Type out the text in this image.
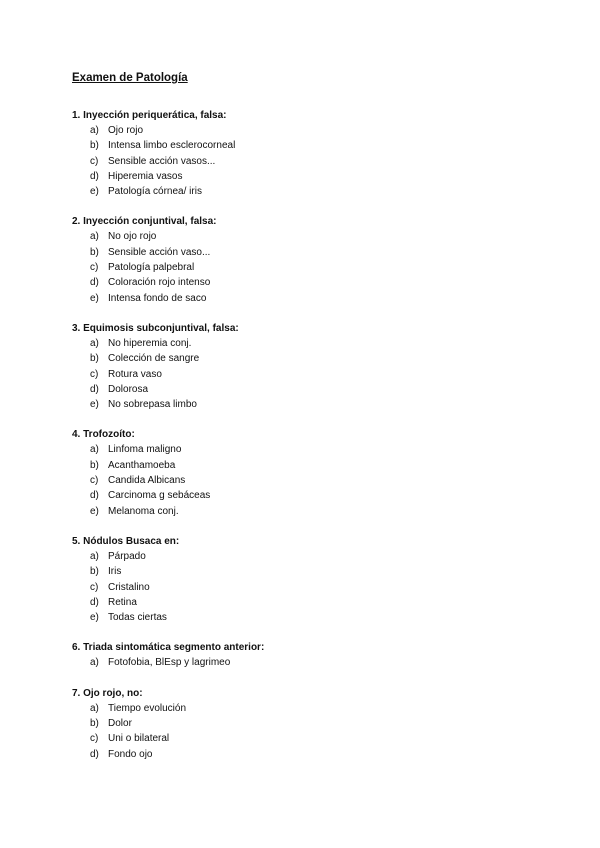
Examen de Patología
1. Inyección periquerática, falsa:
a) Ojo rojo
b) Intensa limbo esclerocorneal
c) Sensible acción vasos...
d) Hiperemia vasos
e) Patología córnea/ iris
2. Inyección conjuntival, falsa:
a) No ojo rojo
b) Sensible acción vaso...
c) Patología palpebral
d) Coloración rojo intenso
e) Intensa fondo de saco
3. Equimosis subconjuntival, falsa:
a) No hiperemia conj.
b) Colección de sangre
c) Rotura vaso
d) Dolorosa
e) No sobrepasa limbo
4. Trofozoíto:
a) Linfoma maligno
b) Acanthamoeba
c) Candida Albicans
d) Carcinoma g sebáceas
e) Melanoma conj.
5. Nódulos Busaca en:
a) Párpado
b) Iris
c) Cristalino
d) Retina
e) Todas ciertas
6. Triada sintomática segmento anterior:
a) Fotofobia, BlEsp y lagrimeo
7. Ojo rojo, no:
a) Tiempo evolución
b) Dolor
c) Uni o bilateral
d) Fondo ojo
